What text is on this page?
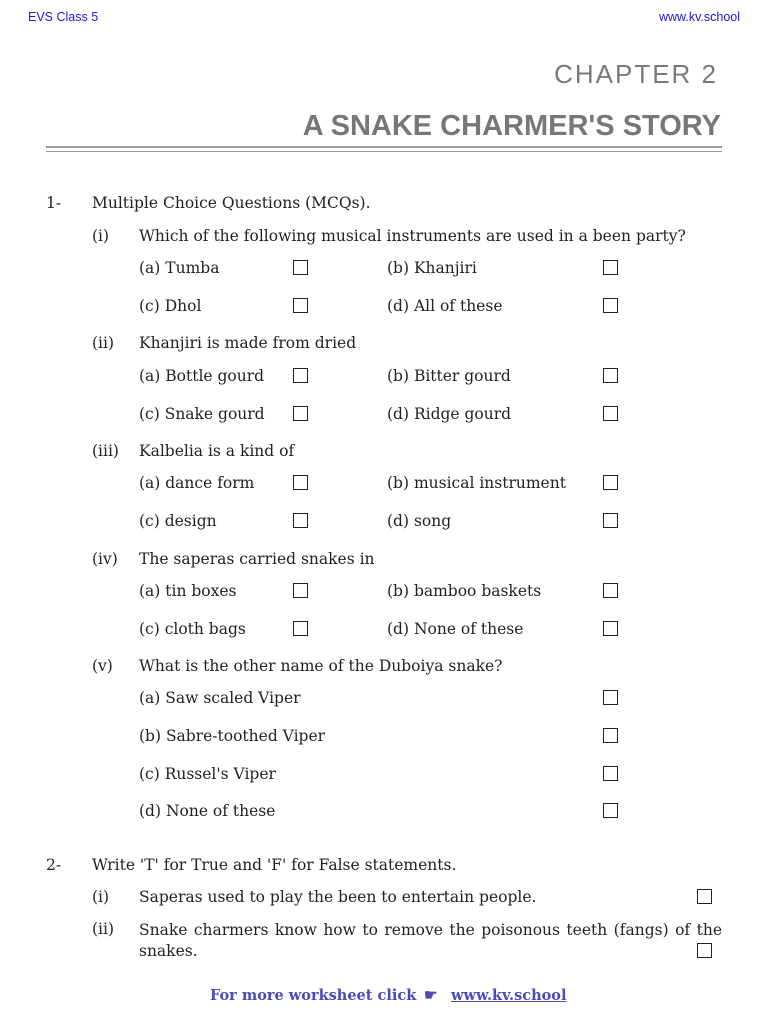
EVS Class 5	www.kv.school
CHAPTER 2
A SNAKE CHARMER'S STORY
1- Multiple Choice Questions (MCQs).
(i) Which of the following musical instruments are used in a been party?
(a) Tumba	(b) Khanjiri
(c) Dhol	(d) All of these
(ii) Khanjiri is made from dried
(a) Bottle gourd	(b) Bitter gourd
(c) Snake gourd	(d) Ridge gourd
(iii) Kalbelia is a kind of
(a) dance form	(b) musical instrument
(c) design	(d) song
(iv) The saperas carried snakes in
(a) tin boxes	(b) bamboo baskets
(c) cloth bags	(d) None of these
(v) What is the other name of the Duboiya snake?
(a) Saw scaled Viper
(b) Sabre-toothed Viper
(c) Russel's Viper
(d) None of these
2- Write 'T' for True and 'F' for False statements.
(i) Saperas used to play the been to entertain people.
(ii) Snake charmers know how to remove the poisonous teeth (fangs) of the snakes.
For more worksheet click ☛ www.kv.school
